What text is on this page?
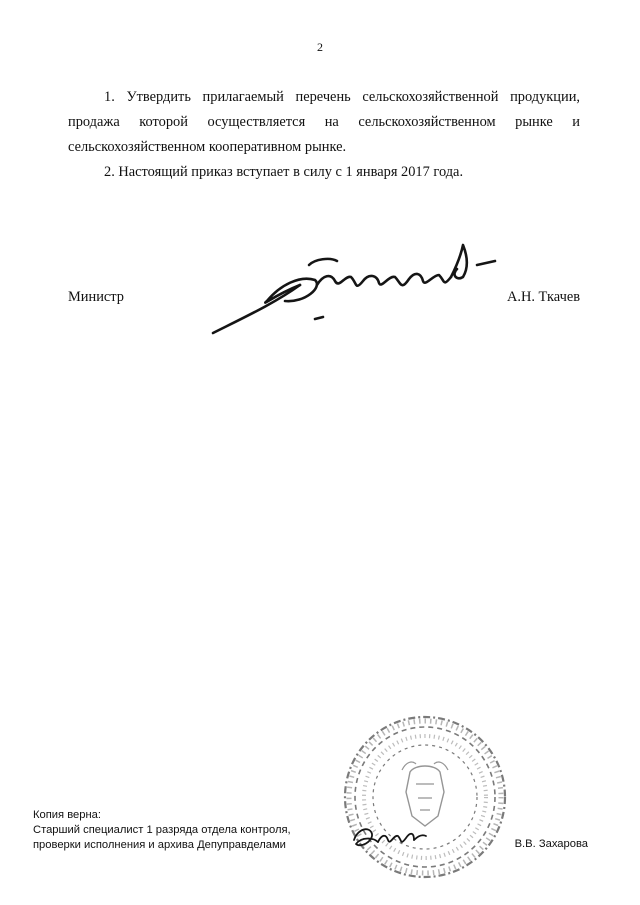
2

1. Утвердить прилагаемый перечень сельскохозяйственной продукции, продажа которой осуществляется на сельскохозяйственном рынке и сельскохозяйственном кооперативном рынке.

2. Настоящий приказ вступает в силу с 1 января 2017 года.

Министр	А.Н. Ткачев
Копия верна:
Старший специалист 1 разряда отдела контроля,
проверки исполнения и архива Депуправделами	В.В. Захарова
